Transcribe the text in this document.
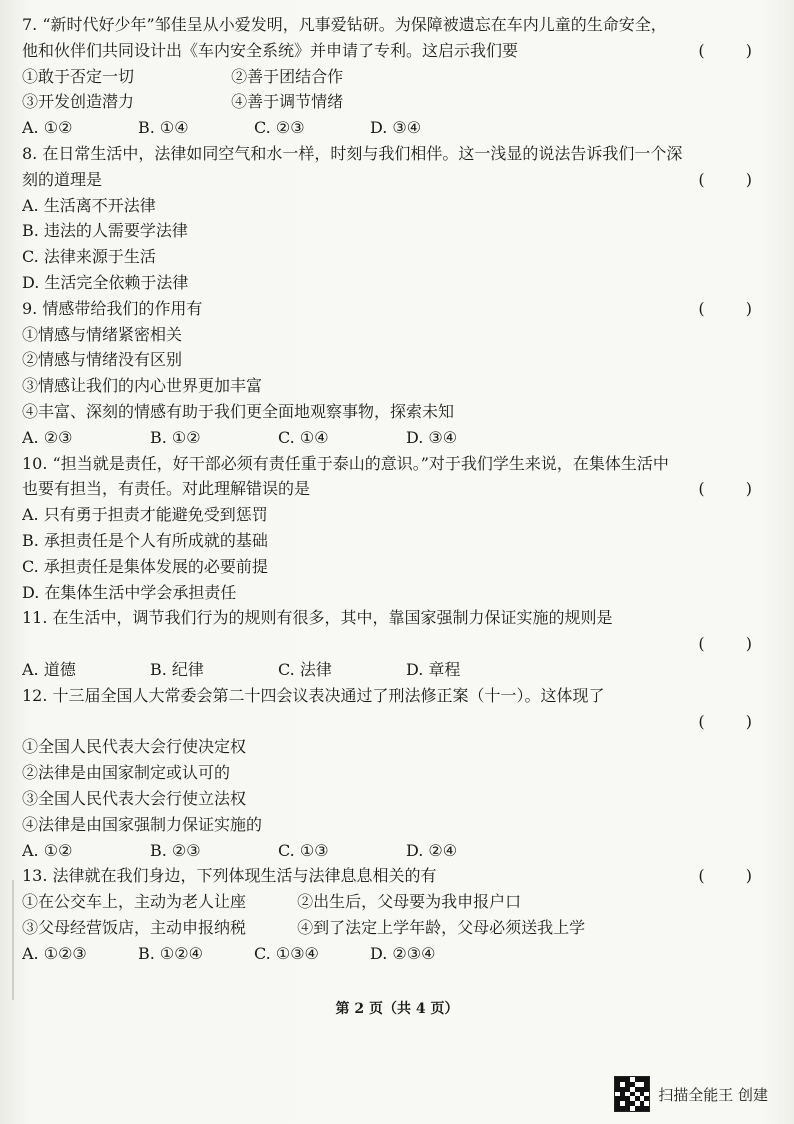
7. “新时代好少年”邹佳呈从小爱发明，凡事爱钻研。为保障被遗忘在车内儿童的生命安全，
他和伙伴们共同设计出《车内安全系统》并申请了专利。这启示我们要	( )
①敢于否定一切	②善于团结合作
③开发创造潜力	④善于调节情绪
A. ①②	B. ①④	C. ②③	D. ③④
8. 在日常生活中，法律如同空气和水一样，时刻与我们相伴。这一浅显的说法告诉我们一个深
刻的道理是	( )
A. 生活离不开法律
B. 违法的人需要学法律
C. 法律来源于生活
D. 生活完全依赖于法律
9. 情感带给我们的作用有	( )
①情感与情绪紧密相关
②情感与情绪没有区别
③情感让我们的内心世界更加丰富
④丰富、深刻的情感有助于我们更全面地观察事物，探索未知
A. ②③	B. ①②	C. ①④	D. ③④
10. “担当就是责任，好干部必须有责任重于泰山的意识。”对于我们学生来说，在集体生活中
也要有担当，有责任。对此理解错误的是	( )
A. 只有勇于担责才能避免受到惩罚
B. 承担责任是个人有所成就的基础
C. 承担责任是集体发展的必要前提
D. 在集体生活中学会承担责任
11. 在生活中，调节我们行为的规则有很多，其中，靠国家强制力保证实施的规则是
( )
A. 道德	B. 纪律	C. 法律	D. 章程
12. 十三届全国人大常委会第二十四会议表决通过了刑法修正案（十一）。这体现了
( )
①全国人民代表大会行使决定权
②法律是由国家制定或认可的
③全国人民代表大会行使立法权
④法律是由国家强制力保证实施的
A. ①②	B. ②③	C. ①③	D. ②④
13. 法律就在我们身边，下列体现生活与法律息息相关的有	( )
①在公交车上，主动为老人让座	②出生后，父母要为我申报户口
③父母经营饭店，主动申报纳税	④到了法定上学年龄，父母必须送我上学
A. ①②③	B. ①②④	C. ①③④	D. ②③④
第 2 页（共 4 页）
扫描全能王 创建
